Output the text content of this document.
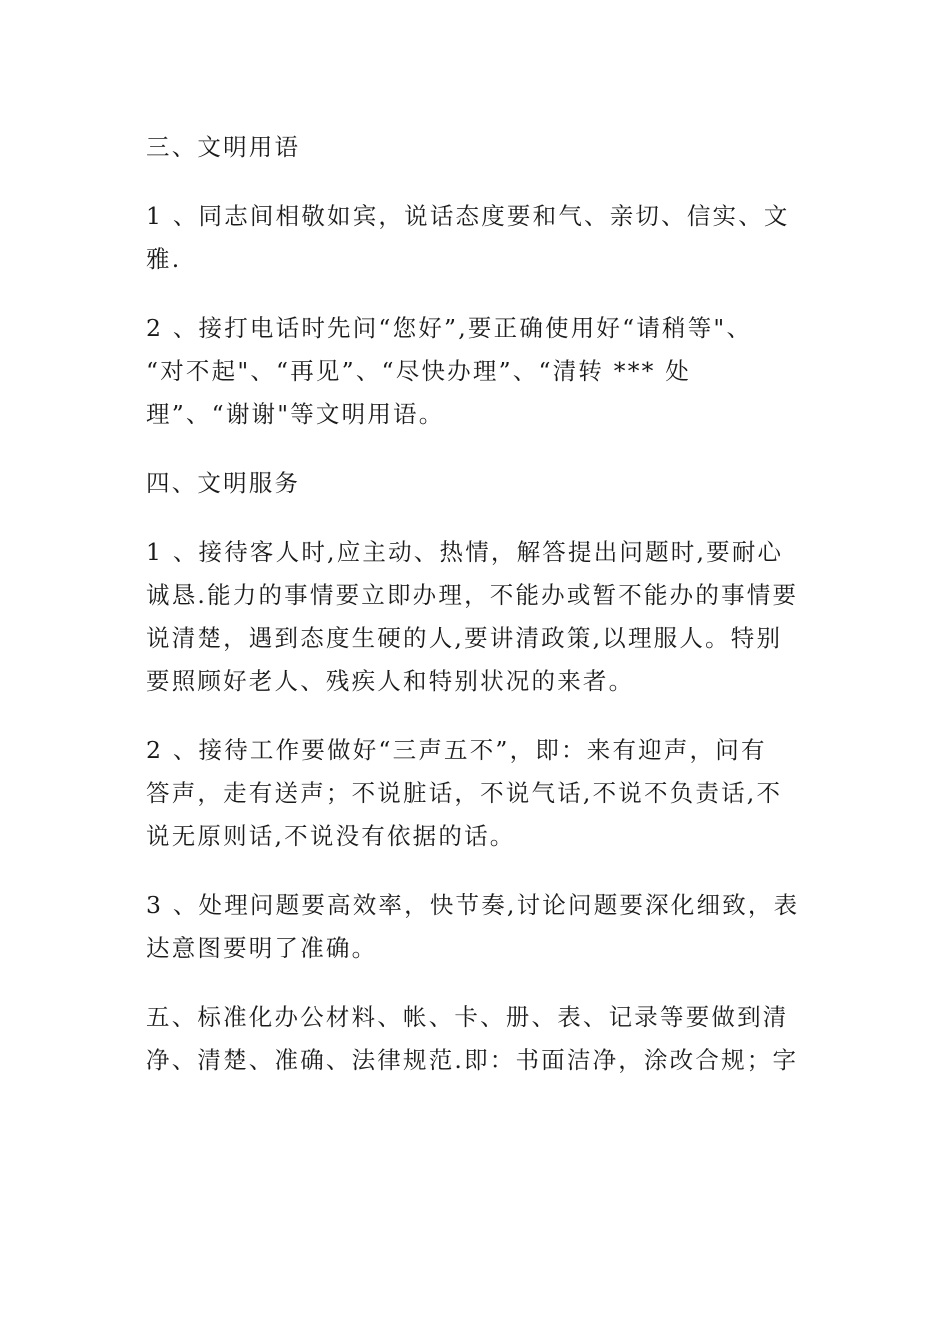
三、文明用语
1 、同志间相敬如宾，说话态度要和气、亲切、信实、文
雅.
2 、接打电话时先问“您好”,要正确使用好“请稍等"、
“对不起"、“再见”、“尽快办理”、“清转 *** 处
理”、“谢谢"等文明用语。
四、文明服务
1 、接待客人时,应主动、热情，解答提出问题时,要耐心
诚恳.能力的事情要立即办理，不能办或暂不能办的事情要
说清楚，遇到态度生硬的人,要讲清政策,以理服人。特别
要照顾好老人、残疾人和特别状况的来者。
2 、接待工作要做好“三声五不”，即：来有迎声，问有
答声，走有送声；不说脏话，不说气话,不说不负责话,不
说无原则话,不说没有依据的话。
3 、处理问题要高效率，快节奏,讨论问题要深化细致，表
达意图要明了准确。
五、标准化办公材料、帐、卡、册、表、记录等要做到清
净、清楚、准确、法律规范.即：书面洁净，涂改合规；字
